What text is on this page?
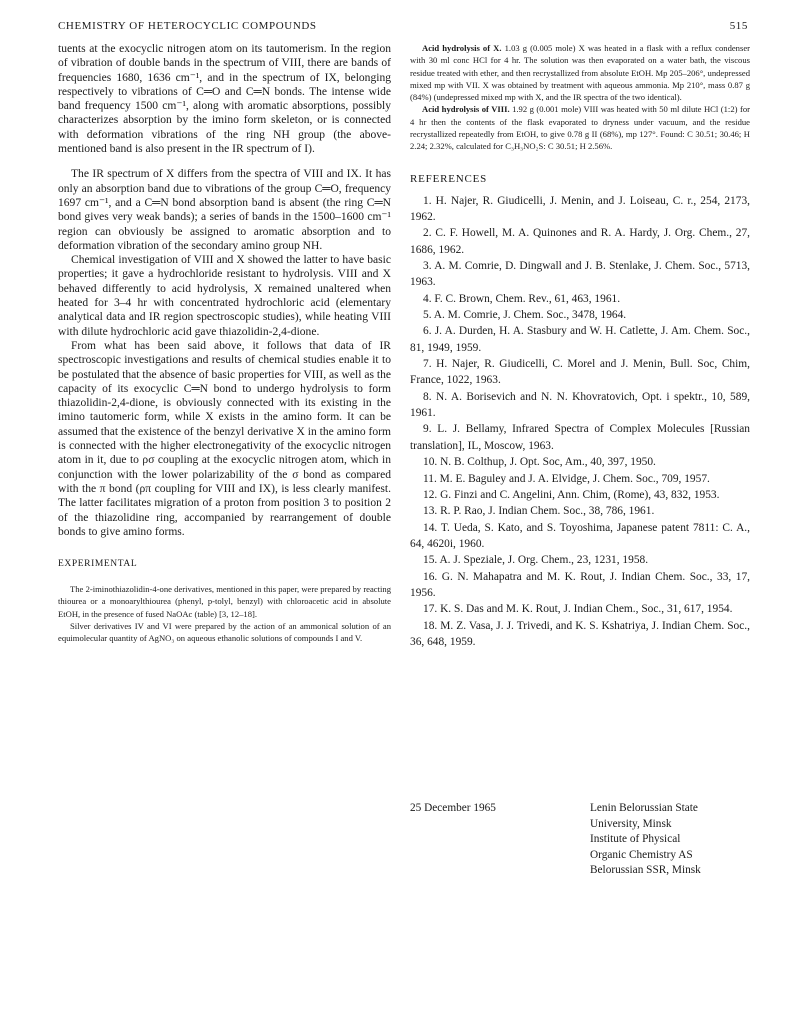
CHEMISTRY OF HETEROCYCLIC COMPOUNDS	515

tuents at the exocyclic nitrogen atom on its tautomerism. In the region of vibration of double bands in the spectrum of VIII, there are bands of frequencies 1680, 1636 cm⁻¹, and in the spectrum of IX, belonging respectively to vibrations of C═O and C═N bonds. The intense wide band frequency 1500 cm⁻¹, along with aromatic absorptions, possibly characterizes absorption by the imino form skeleton, or is connected with deformation vibrations of the ring NH group (the above-mentioned band is also present in the IR spectrum of I).

The IR spectrum of X differs from the spectra of VIII and IX. It has only an absorption band due to vibrations of the group C═O, frequency 1697 cm⁻¹, and a C═N bond absorption band is absent (the ring C═N bond gives very weak bands); a series of bands in the 1500–1600 cm⁻¹ region can obviously be assigned to aromatic absorption and to deformation vibration of the secondary amino group NH.

Chemical investigation of VIII and X showed the latter to have basic properties; it gave a hydrochloride resistant to hydrolysis. VIII and X behaved differently to acid hydrolysis, X remained unaltered when heated for 3–4 hr with concentrated hydrochloric acid (elementary analytical data and IR region spectroscopic studies), while heating VIII with dilute hydrochloric acid gave thiazolidin-2,4-dione.

From what has been said above, it follows that data of IR spectroscopic investigations and results of chemical studies enable it to be postulated that the absence of basic properties for VIII, as well as the capacity of its exocyclic C═N bond to undergo hydrolysis to form thiazolidin-2,4-dione, is obviously connected with its existing in the imino tautomeric form, while X exists in the amino form. It can be assumed that the existence of the benzyl derivative X in the amino form is connected with the higher electronegativity of the exocyclic nitrogen atom in it, due to ρσ coupling at the exocyclic nitrogen atom, which in conjunction with the lower polarizability of the σ bond as compared with the π bond (ρπ coupling for VIII and IX), is less clearly manifest. The latter facilitates migration of a proton from position 3 to position 2 of the thiazolidine ring, accompanied by rearrangement of double bonds to give amino forms.

EXPERIMENTAL

The 2-iminothiazolidin-4-one derivatives, mentioned in this paper, were prepared by reacting thiourea or a monoarylthiourea (phenyl, p-tolyl, benzyl) with chloroacetic acid in absolute EtOH, in the presence of fused NaOAc (table) [3, 12–18].

Silver derivatives IV and VI were prepared by the action of an ammonical solution of an equimolecular quantity of AgNO₃ on aqueous ethanolic solutions of compounds I and V.

Acid hydrolysis of X. 1.03 g (0.005 mole) X was heated in a flask with a reflux condenser with 30 ml conc HCl for 4 hr. The solution was then evaporated on a water bath, the viscous residue treated with ether, and then recrystallized from absolute EtOH. Mp 205–206°, undepressed mixed mp with VII. X was obtained by treatment with aqueous ammonia. Mp 210°, mass 0.87 g (84%) (undepressed mixed mp with X, and the IR spectra of the two identical).

Acid hydrolysis of VIII. 1.92 g (0.001 mole) VIII was heated with 50 ml dilute HCl (1:2) for 4 hr then the contents of the flask evaporated to dryness under vacuum, and the residue recrystallized repeatedly from EtOH, to give 0.78 g II (68%), mp 127°. Found: C 30.51; 30.46; H 2.24; 2.32%, calculated for C₃H₃NO₂S: C 30.51; H 2.56%.

REFERENCES

1. H. Najer, R. Giudicelli, J. Menin, and J. Loiseau, C. r., 254, 2173, 1962.

2. C. F. Howell, M. A. Quinones and R. A. Hardy, J. Org. Chem., 27, 1686, 1962.

3. A. M. Comrie, D. Dingwall and J. B. Stenlake, J. Chem. Soc., 5713, 1963.

4. F. C. Brown, Chem. Rev., 61, 463, 1961.

5. A. M. Comrie, J. Chem. Soc., 3478, 1964.

6. J. A. Durden, H. A. Stasbury and W. H. Catlette, J. Am. Chem. Soc., 81, 1949, 1959.

7. H. Najer, R. Giudicelli, C. Morel and J. Menin, Bull. Soc, Chim, France, 1022, 1963.

8. N. A. Borisevich and N. N. Khovratovich, Opt. i spektr., 10, 589, 1961.

9. L. J. Bellamy, Infrared Spectra of Complex Molecules [Russian translation], IL, Moscow, 1963.

10. N. B. Colthup, J. Opt. Soc, Am., 40, 397, 1950.

11. M. E. Baguley and J. A. Elvidge, J. Chem. Soc., 709, 1957.

12. G. Finzi and C. Angelini, Ann. Chim, (Rome), 43, 832, 1953.

13. R. P. Rao, J. Indian Chem. Soc., 38, 786, 1961.

14. T. Ueda, S. Kato, and S. Toyoshima, Japanese patent 7811: C. A., 64, 4620i, 1960.

15. A. J. Speziale, J. Org. Chem., 23, 1231, 1958.

16. G. N. Mahapatra and M. K. Rout, J. Indian Chem. Soc., 33, 17, 1956.

17. K. S. Das and M. K. Rout, J. Indian Chem., Soc., 31, 617, 1954.

18. M. Z. Vasa, J. J. Trivedi, and K. S. Kshatriya, J. Indian Chem. Soc., 36, 648, 1959.

25 December 1965	Lenin Belorussian State
University, Minsk
Institute of Physical
Organic Chemistry AS
Belorussian SSR, Minsk
